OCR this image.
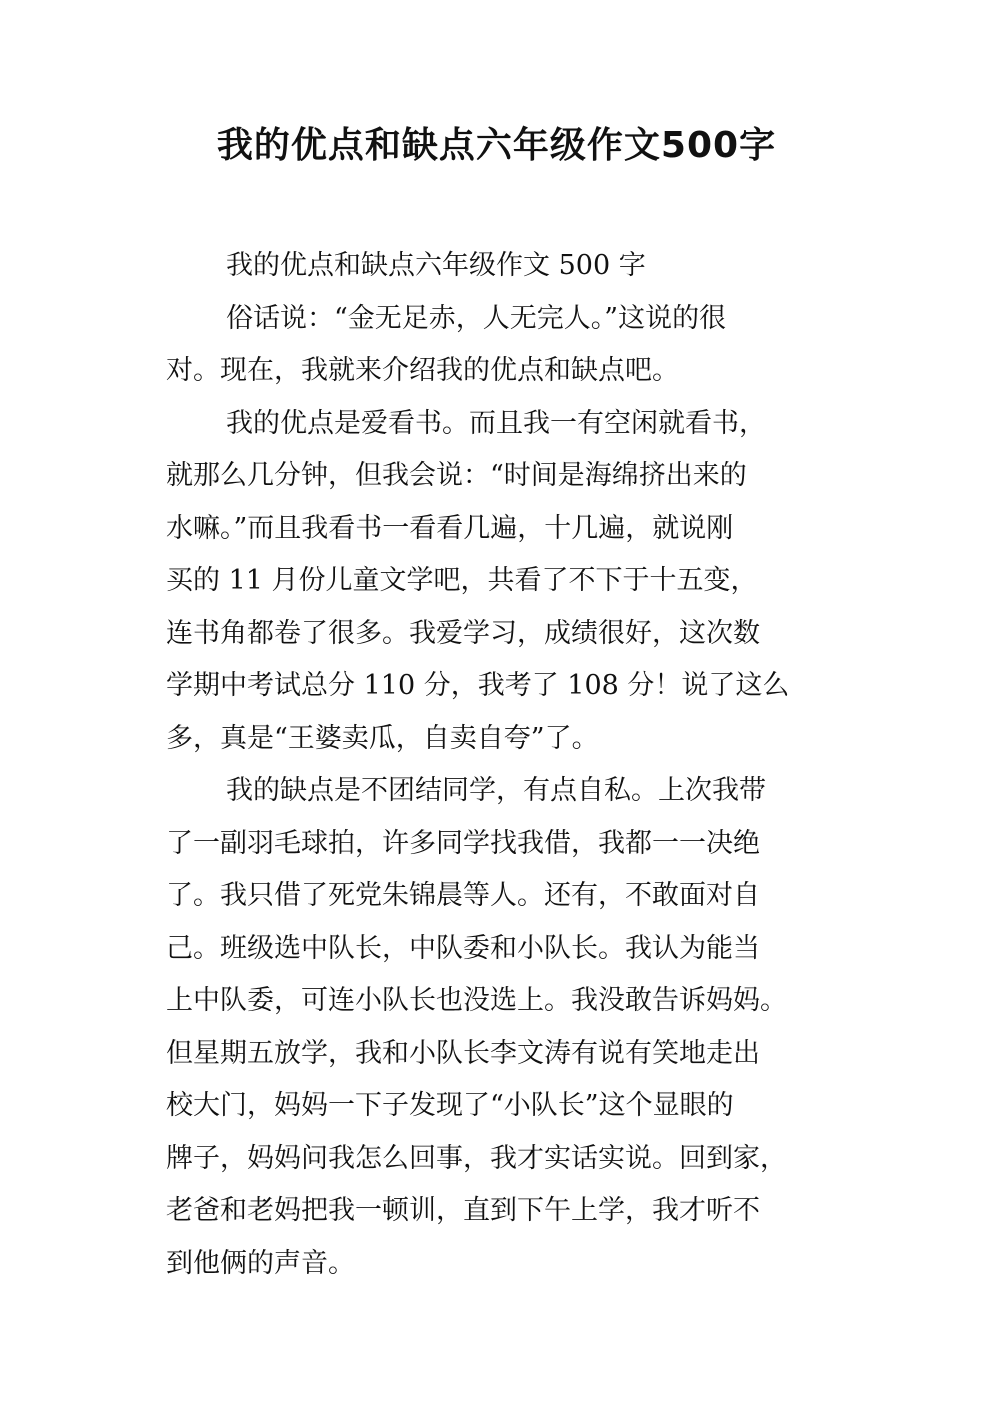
我的优点和缺点六年级作文500字
我的优点和缺点六年级作文 500 字
俗话说：“金无足赤，人无完人。”这说的很
对。现在，我就来介绍我的优点和缺点吧。
我的优点是爱看书。而且我一有空闲就看书，
就那么几分钟，但我会说：“时间是海绵挤出来的
水嘛。”而且我看书一看看几遍，十几遍，就说刚
买的 11 月份儿童文学吧，共看了不下于十五变，
连书角都卷了很多。我爱学习，成绩很好，这次数
学期中考试总分 110 分，我考了 108 分！说了这么
多，真是“王婆卖瓜，自卖自夸”了。
我的缺点是不团结同学，有点自私。上次我带
了一副羽毛球拍，许多同学找我借，我都一一决绝
了。我只借了死党朱锦晨等人。还有，不敢面对自
己。班级选中队长，中队委和小队长。我认为能当
上中队委，可连小队长也没选上。我没敢告诉妈妈。
但星期五放学，我和小队长李文涛有说有笑地走出
校大门，妈妈一下子发现了“小队长”这个显眼的
牌子，妈妈问我怎么回事，我才实话实说。回到家，
老爸和老妈把我一顿训，直到下午上学，我才听不
到他俩的声音。
